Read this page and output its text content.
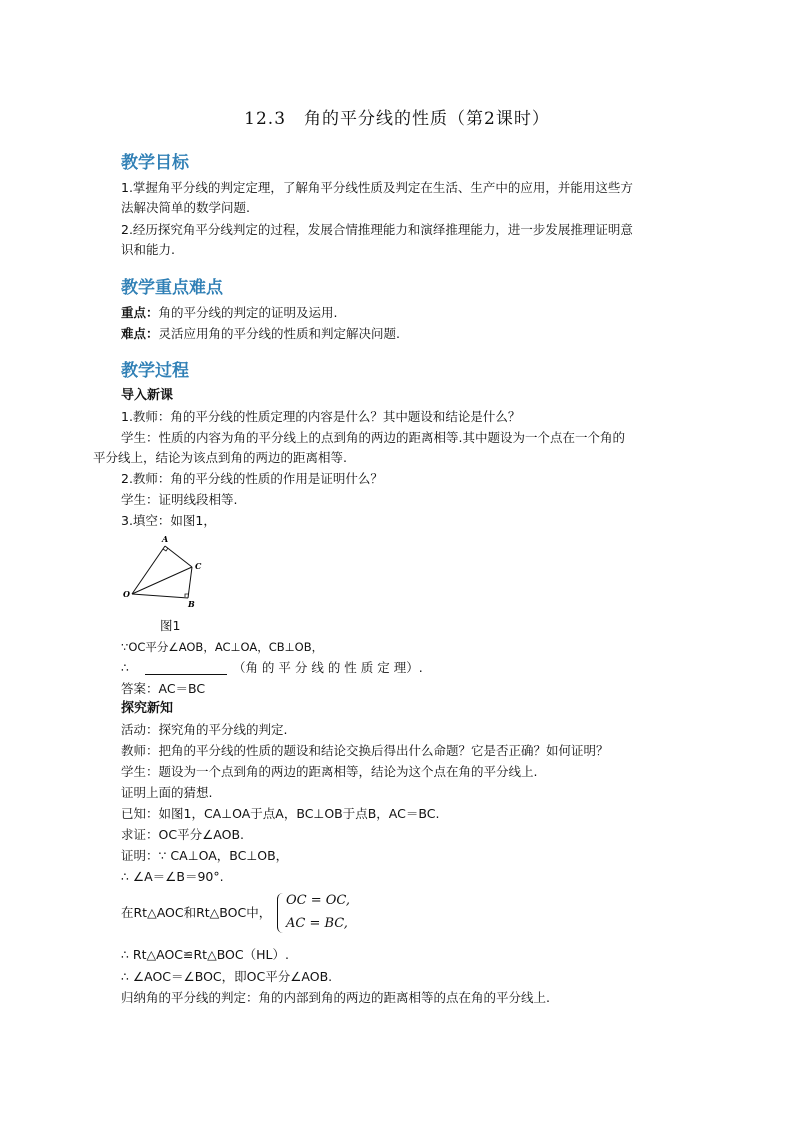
12.3　角的平分线的性质（第2课时）
教学目标
1.掌握角平分线的判定定理，了解角平分线性质及判定在生活、生产中的应用，并能用这些方
法解决简单的数学问题.
2.经历探究角平分线判定的过程，发展合情推理能力和演绎推理能力，进一步发展推理证明意
识和能力.
教学重点难点
重点：角的平分线的判定的证明及运用.
难点：灵活应用角的平分线的性质和判定解决问题.
教学过程
导入新课
1.教师：角的平分线的性质定理的内容是什么？其中题设和结论是什么？
学生：性质的内容为角的平分线上的点到角的两边的距离相等.其中题设为一个点在一个角的
平分线上，结论为该点到角的两边的距离相等.
2.教师：角的平分线的性质的作用是证明什么？
学生：证明线段相等.
3.填空：如图1，
A
C
O
B
图1
∵OC平分∠AOB，AC⊥OA，CB⊥OB，
∴	（角 的 平 分 线 的 性 质 定 理）.
答案：AC＝BC
探究新知
活动：探究角的平分线的判定.
教师：把角的平分线的性质的题设和结论交换后得出什么命题？它是否正确？如何证明？
学生：题设为一个点到角的两边的距离相等，结论为这个点在角的平分线上.
证明上面的猜想.
已知：如图1，CA⊥OA于点A，BC⊥OB于点B，AC＝BC.
求证：OC平分∠AOB.
证明：∵ CA⊥OA，BC⊥OB，
∴ ∠A＝∠B＝90°.
在Rt△AOC和Rt△BOC中，
OC = OC,
AC = BC,
∴ Rt△AOC≌Rt△BOC（HL）.
∴ ∠AOC＝∠BOC，即OC平分∠AOB.
归纳角的平分线的判定：角的内部到角的两边的距离相等的点在角的平分线上.
